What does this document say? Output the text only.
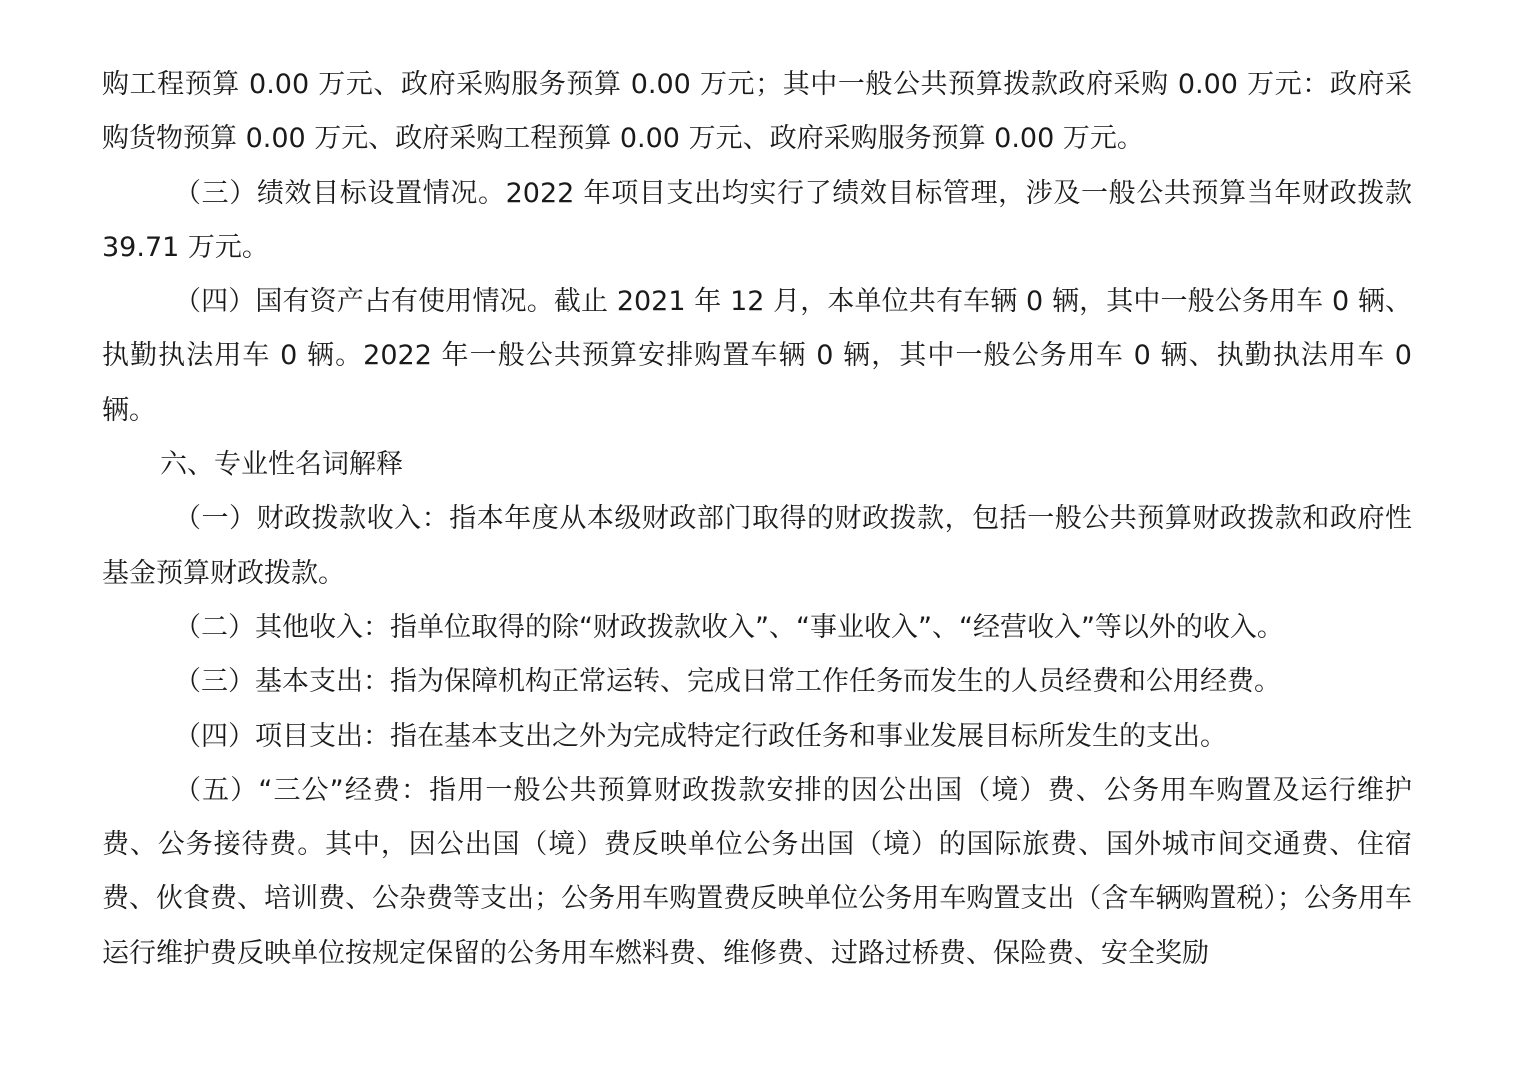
购工程预算 0.00 万元、政府采购服务预算 0.00 万元；其中一般公共预算拨款政府采购 0.00 万元：政府采购货物预算 0.00 万元、政府采购工程预算 0.00 万元、政府采购服务预算 0.00 万元。

（三）绩效目标设置情况。2022 年项目支出均实行了绩效目标管理，涉及一般公共预算当年财政拨款 39.71 万元。

（四）国有资产占有使用情况。截止 2021 年 12 月，本单位共有车辆 0 辆，其中一般公务用车 0 辆、执勤执法用车 0 辆。2022 年一般公共预算安排购置车辆 0 辆，其中一般公务用车 0 辆、执勤执法用车 0 辆。

六、专业性名词解释

（一）财政拨款收入：指本年度从本级财政部门取得的财政拨款，包括一般公共预算财政拨款和政府性基金预算财政拨款。

（二）其他收入：指单位取得的除“财政拨款收入”、“事业收入”、“经营收入”等以外的收入。

（三）基本支出：指为保障机构正常运转、完成日常工作任务而发生的人员经费和公用经费。

（四）项目支出：指在基本支出之外为完成特定行政任务和事业发展目标所发生的支出。

（五）“三公”经费：指用一般公共预算财政拨款安排的因公出国（境）费、公务用车购置及运行维护费、公务接待费。其中，因公出国（境）费反映单位公务出国（境）的国际旅费、国外城市间交通费、住宿费、伙食费、培训费、公杂费等支出；公务用车购置费反映单位公务用车购置支出（含车辆购置税）；公务用车运行维护费反映单位按规定保留的公务用车燃料费、维修费、过路过桥费、保险费、安全奖励
